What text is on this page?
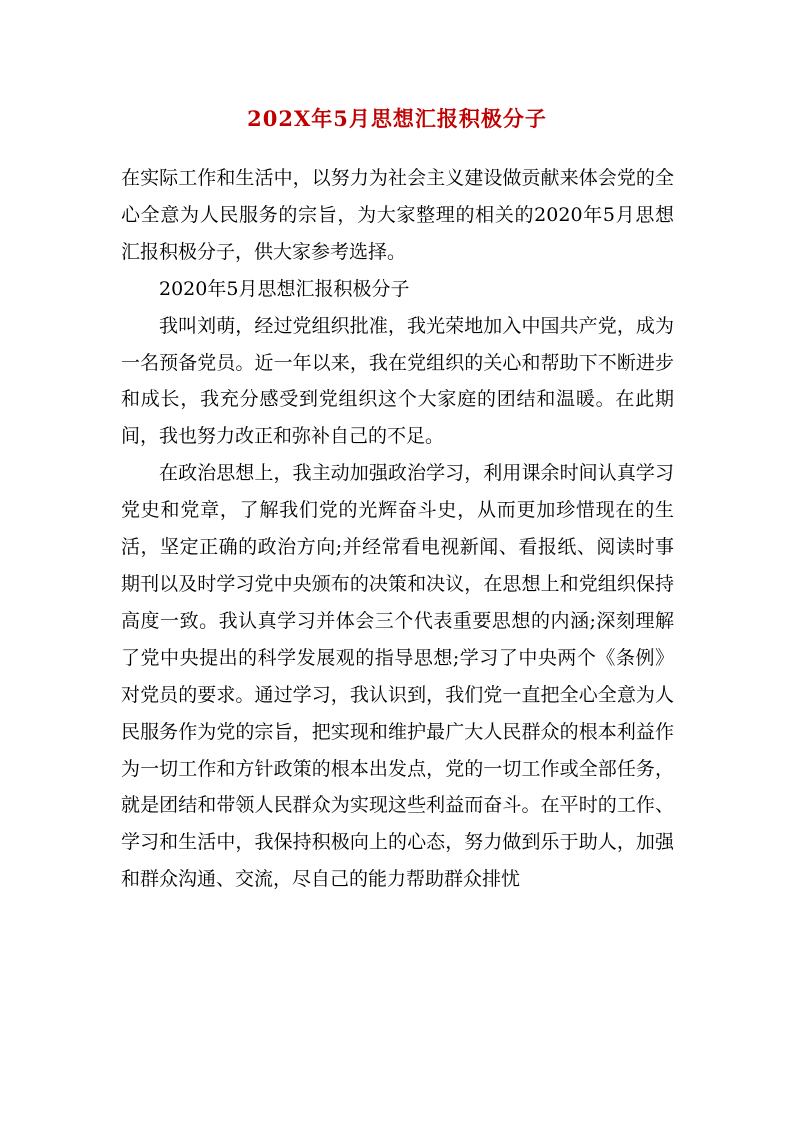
202X年5月思想汇报积极分子

在实际工作和生活中，以努力为社会主义建设做贡献来体会党的全心全意为人民服务的宗旨，为大家整理的相关的2020年5月思想汇报积极分子，供大家参考选择。

2020年5月思想汇报积极分子

我叫刘萌，经过党组织批准，我光荣地加入中国共产党，成为一名预备党员。近一年以来，我在党组织的关心和帮助下不断进步和成长，我充分感受到党组织这个大家庭的团结和温暖。在此期间，我也努力改正和弥补自己的不足。

在政治思想上，我主动加强政治学习，利用课余时间认真学习党史和党章，了解我们党的光辉奋斗史，从而更加珍惜现在的生活，坚定正确的政治方向;并经常看电视新闻、看报纸、阅读时事期刊以及时学习党中央颁布的决策和决议，在思想上和党组织保持高度一致。我认真学习并体会三个代表重要思想的内涵;深刻理解了党中央提出的科学发展观的指导思想;学习了中央两个《条例》对党员的要求。通过学习，我认识到，我们党一直把全心全意为人民服务作为党的宗旨，把实现和维护最广大人民群众的根本利益作为一切工作和方针政策的根本出发点，党的一切工作或全部任务，就是团结和带领人民群众为实现这些利益而奋斗。在平时的工作、学习和生活中，我保持积极向上的心态，努力做到乐于助人，加强和群众沟通、交流，尽自己的能力帮助群众排忧
